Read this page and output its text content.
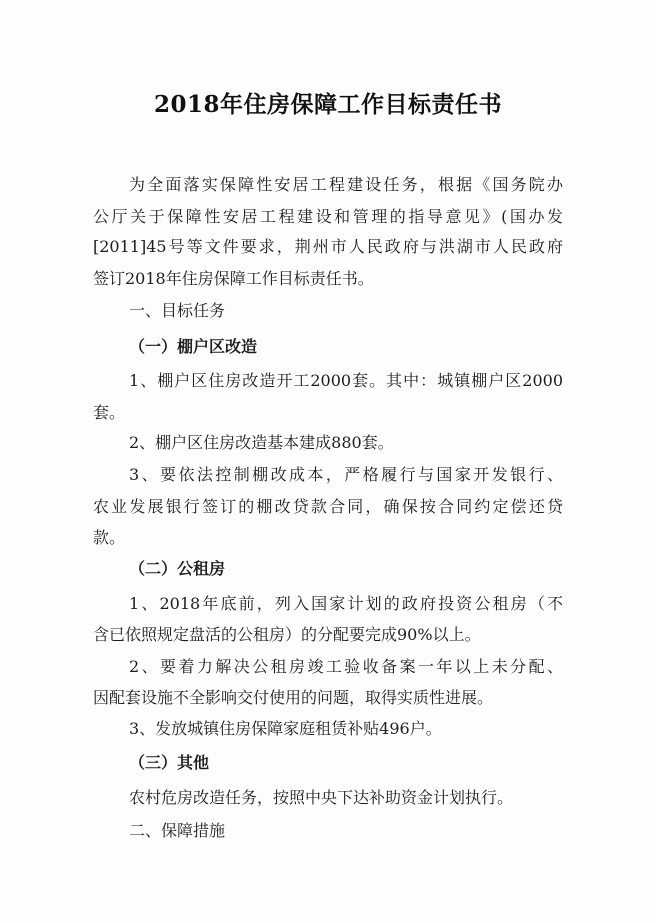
2018年住房保障工作目标责任书
为全面落实保障性安居工程建设任务，根据《国务院办
公厅关于保障性安居工程建设和管理的指导意见》(国办发
[2011]45号等文件要求，荆州市人民政府与洪湖市人民政府
签订2018年住房保障工作目标责任书。
一、目标任务
（一）棚户区改造
1、棚户区住房改造开工2000套。其中：城镇棚户区2000
套。
2、棚户区住房改造基本建成880套。
3、要依法控制棚改成本，严格履行与国家开发银行、
农业发展银行签订的棚改贷款合同，确保按合同约定偿还贷
款。
（二）公租房
1、2018年底前，列入国家计划的政府投资公租房（不
含已依照规定盘活的公租房）的分配要完成90%以上。
2、要着力解决公租房竣工验收备案一年以上未分配、
因配套设施不全影响交付使用的问题，取得实质性进展。
3、发放城镇住房保障家庭租赁补贴496户。
（三）其他
农村危房改造任务，按照中央下达补助资金计划执行。
二、保障措施
